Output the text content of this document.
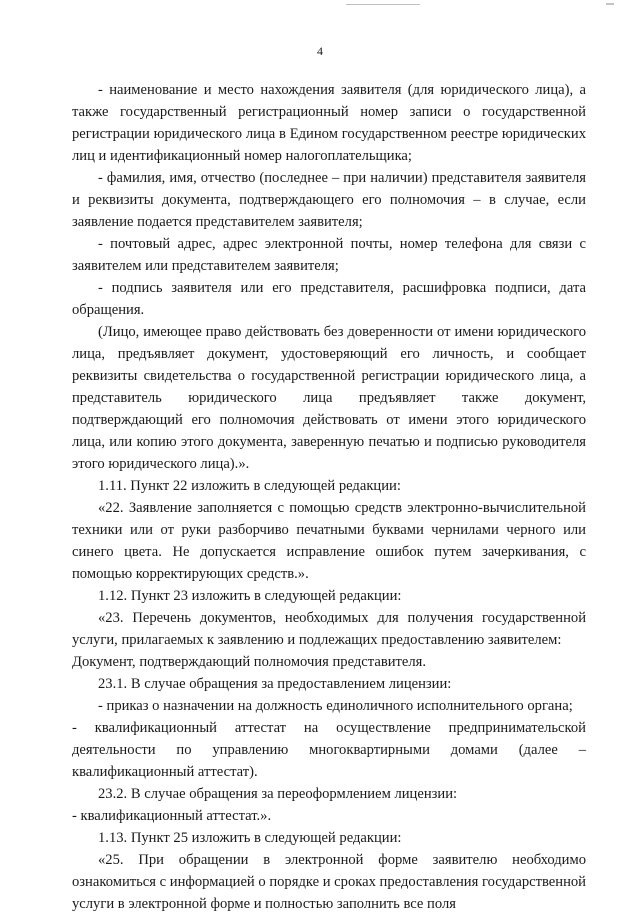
4

- наименование и место нахождения заявителя (для юридического лица), а также государственный регистрационный номер записи о государственной регистрации юридического лица в Едином государственном реестре юридических лиц и идентификационный номер налогоплательщика;

- фамилия, имя, отчество (последнее – при наличии) представителя заявителя и реквизиты документа, подтверждающего его полномочия – в случае, если заявление подается представителем заявителя;

- почтовый адрес, адрес электронной почты, номер телефона для связи с заявителем или представителем заявителя;

- подпись заявителя или его представителя, расшифровка подписи, дата обращения.

(Лицо, имеющее право действовать без доверенности от имени юридического лица, предъявляет документ, удостоверяющий его личность, и сообщает реквизиты свидетельства о государственной регистрации юридического лица, а представитель юридического лица предъявляет также документ, подтверждающий его полномочия действовать от имени этого юридического лица, или копию этого документа, заверенную печатью и подписью руководителя этого юридического лица).».

1.11. Пункт 22 изложить в следующей редакции:

«22. Заявление заполняется с помощью средств электронно-вычислительной техники или от руки разборчиво печатными буквами чернилами черного или синего цвета. Не допускается исправление ошибок путем зачеркивания, с помощью корректирующих средств.».

1.12. Пункт 23 изложить в следующей редакции:

«23. Перечень документов, необходимых для получения государственной услуги, прилагаемых к заявлению и подлежащих предоставлению заявителем:

Документ, подтверждающий полномочия представителя.

23.1. В случае обращения за предоставлением лицензии:

- приказ о назначении на должность единоличного исполнительного органа;

- квалификационный аттестат на осуществление предпринимательской деятельности по управлению многоквартирными домами (далее – квалификационный аттестат).

23.2. В случае обращения за переоформлением лицензии:

- квалификационный аттестат.».

1.13. Пункт 25 изложить в следующей редакции:

«25. При обращении в электронной форме заявителю необходимо ознакомиться с информацией о порядке и сроках предоставления государственной услуги в электронной форме и полностью заполнить все поля
